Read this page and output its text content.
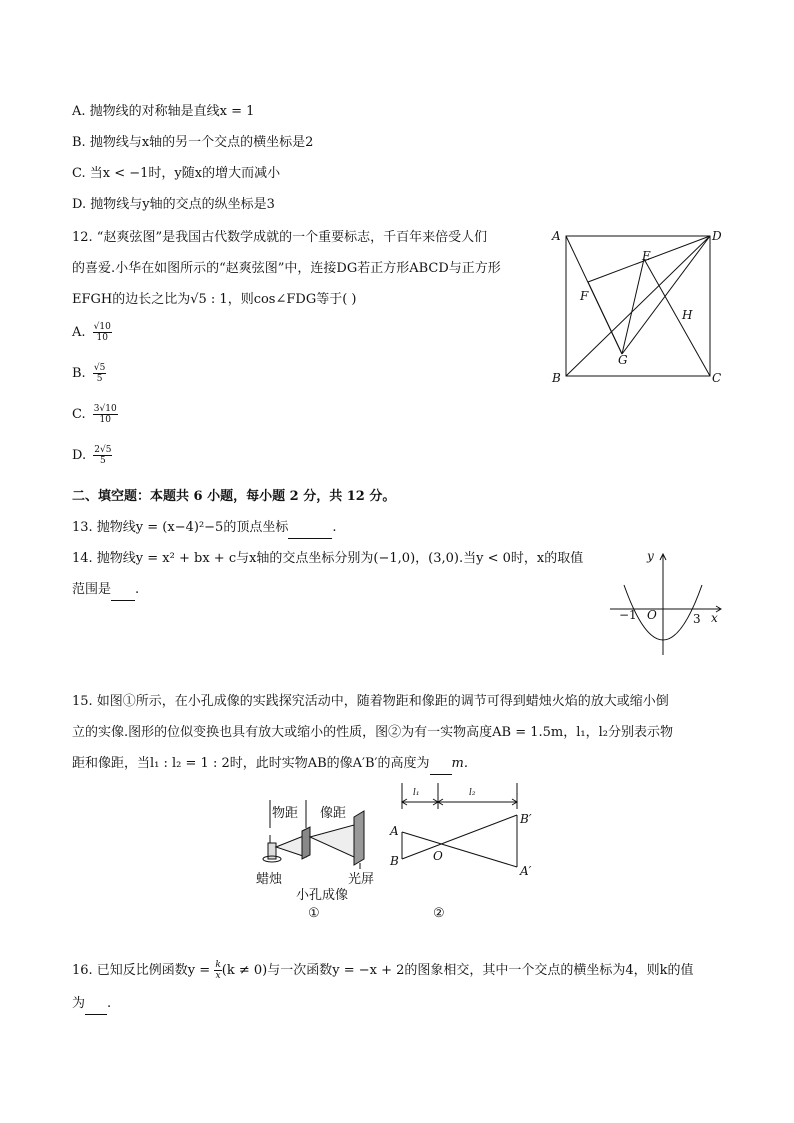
A. 抛物线的对称轴是直线x = 1
B. 抛物线与x轴的另一个交点的横坐标是2
C. 当x < −1时，y随x的增大而减小
D. 抛物线与y轴的交点的纵坐标是3
12. “赵爽弦图”是我国古代数学成就的一个重要标志，千百年来倍受人们
的喜爱.小华在如图所示的“赵爽弦图”中，连接DG若正方形ABCD与正方形
EFGH的边长之比为√5 : 1，则cos∠FDG等于( )
A. $\frac{√10}{10}$
B. $\frac{√5}{5}$
C. $\frac{3√10}{10}$
D. $\frac{2√5}{5}$
A
B	C
D
E
F
G
H
二、填空题：本题共 6 小题，每小题 2 分，共 12 分。
13. 抛物线y = (x−4)²−5的顶点坐标	.
14. 抛物线y = x² + bx + c与x轴的交点坐标分别为(−1,0)，(3,0).当y < 0时，x的取值
范围是 .
y
x
−1 O	3
15. 如图①所示，在小孔成像的实践探究活动中，随着物距和像距的调节可得到蜡烛火焰的放大或缩小倒
立的实像.图形的位似变换也具有放大或缩小的性质，图②为有一实物高度AB = 1.5m，l₁，l₂分别表示物
距和像距，当l₁ : l₂ = 1 : 2时，此时实物AB的像A′B′的高度为 m.
物距 像距
蜡烛	光屏
小孔成像
①
l₁	l₂
A
B	O
B′
A′
②
16. 已知反比例函数$y = \frac{k}{x} (k \ne 0)$与一次函数y = −x + 2的图象相交，其中一个交点的横坐标为4，则k的值
为 .
